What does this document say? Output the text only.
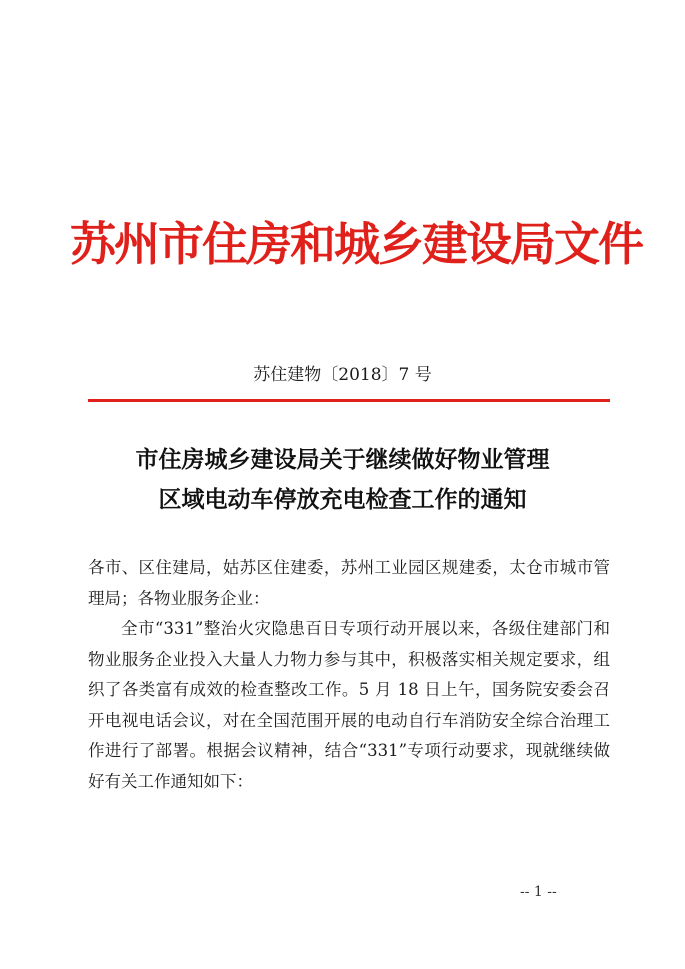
苏州市住房和城乡建设局文件
苏住建物〔2018〕7 号
市住房城乡建设局关于继续做好物业管理
区域电动车停放充电检查工作的通知

各市、区住建局，姑苏区住建委，苏州工业园区规建委，太仓市城市管理局；各物业服务企业：

全市“331”整治火灾隐患百日专项行动开展以来，各级住建部门和物业服务企业投入大量人力物力参与其中，积极落实相关规定要求，组织了各类富有成效的检查整改工作。5 月 18 日上午，国务院安委会召开电视电话会议，对在全国范围开展的电动自行车消防安全综合治理工作进行了部署。根据会议精神，结合“331”专项行动要求，现就继续做好有关工作通知如下：

-- 1 --
